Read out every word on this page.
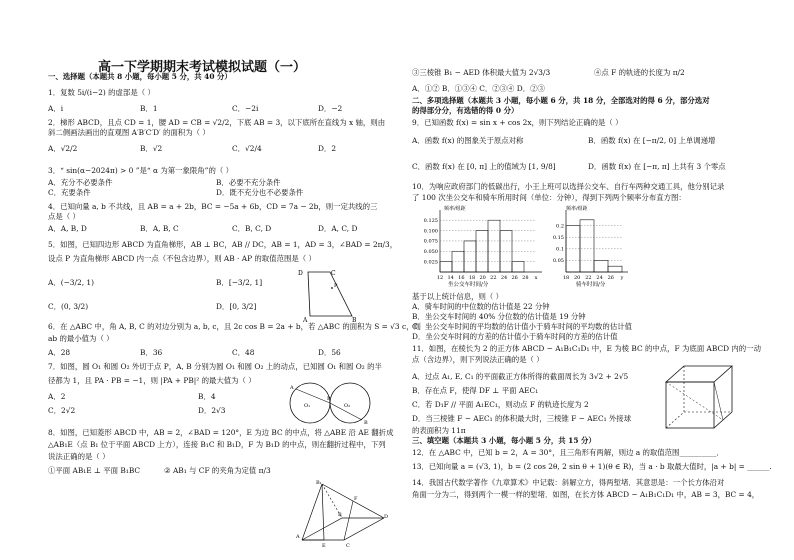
高一下学期期末考试模拟试题（一）
一、选择题（本题共 8 小题，每小题 5 分，共 40 分）
1．复数 5i/(i−2) 的虚部是（ ）
A．i	B．1	C．−2i	D．−2
2．梯形 ABCD，且点 CD = 1，腰 AD = CB = √2/2，下底 AB = 3，以下底所在直线为 x 轴，则由
斜二侧画法画出的直观图 A′B′C′D′ 的面积为（ ）
A．√2/2	B．√2	C．√2/4	D．2
3．“ sin(α−2024π) > 0 ”是“ α 为第一象限角”的（ ）
A．充分不必要条件	B．必要不充分条件
C．充要条件	D．既不充分也不必要条件
4．已知向量 a, b 不共线，且 AB = a + 2b，BC = −5a + 6b，CD = 7a − 2b，则一定共线的三
点是（ ）
A．A, B, D	B．A, B, C	C．B, C, D	D．A, C, D
5．如图，已知四边形 ABCD 为直角梯形，AB ⊥ BC，AB // DC，AB = 1，AD = 3，∠BAD = 2π/3，
设点 P 为直角梯形 ABCD 内一点（不包含边界），则 AB · AP 的取值范围是（ ）
A．(−3/2, 1)	B．[−3/2, 1]
C．(0, 3/2)	D．[0, 3/2]
D	C
P
A	B
6．在 △ABC 中，角 A, B, C 的对边分别为 a, b, c，且 2c cos B = 2a + b，若 △ABC 的面积为 S = √3 c，则
ab 的最小值为（ ）
A．28	B．36	C．48	D．56
7．如图，圆 O₁ 和圆 O₂ 外切于点 P，A, B 分别为圆 O₁ 和圆 O₂ 上的动点，已知圆 O₁ 和圆 O₂ 的半
径都为 1，且 PA · PB = −1，则 |PA + PB|² 的最大值为（ ）
A．2	B．4
C．2√2	D．2√3	O₁
P
O₂
A
B
8．如图，已知菱形 ABCD 中，AB = 2，∠BAD = 120°，E 为边 BC 的中点，将 △ABE 沿 AE 翻折成
△AB₁E（点 B₁ 位于平面 ABCD 上方），连接 B₁C 和 B₁D，F 为 B₁D 的中点，则在翻折过程中，下列
说法正确的是（ ）
①平面 AB₁E ⊥ 平面 B₁BC	② AB₁ 与 CF 的夹角为定值 π/3
B₁
A
D
F
B
C
E
③三棱锥 B₁ − AED 体积最大值为 2√3/3	④点 F 的轨迹的长度为 π/2
A．①② B．①③④ C．②③④ D．②③
二、多项选择题（本题共 3 小题，每小题 6 分，共 18 分，全部选对的得 6 分，部分选对
的得部分分，有选错的得 0 分）
9．已知函数 f(x) = sin x + cos 2x，则下列结论正确的是（ ）
A．函数 f(x) 的图象关于原点对称	B．函数 f(x) 在 [−π/2, 0] 上单调递增
C．函数 f(x) 在 [0, π] 上的值域为 [1, 9/8]	D．函数 f(x) 在 [−π, π] 上共有 3 个零点
10．为响应政府部门的低碳出行，小王上班可以选择公交车、自行车两种交通工具，他分别记录
了 100 次坐公交车和骑车所用时间（单位：分钟），得到下列两个频率分布直方图：
频率/组距
坐公交车时间/分
0.125
0.100
0.075
0.050
0.025
12 14 16 18 20 22 24 26 28 x
频率/组距
骑车时间/分
0.2
0.15
0.1
0.05
18 20 22 24 26 y
基于以上统计信息，则（ ）
A．骑车时间的中位数的估计值是 22 分钟
B．坐公交车时间的 40% 分位数的估计值是 19 分钟
C．坐公交车时间的平均数的估计值小于骑车时间的平均数的估计值
D．坐公交车时间的方差的估计值小于骑车时间的方差的估计值
11．如图，在棱长为 2 的正方体 ABCD − A₁B₁C₁D₁ 中，E 为棱 BC 的中点，F 为底面 ABCD 内的一动
点（含边界），则下列说法正确的是（ ）
A．过点 A₁, E, C₁ 的平面截正方体所得的截面周长为 3√2 + 2√5
B．存在点 F，使得 DF ⊥ 平面 AEC₁
C．若 D₁F // 平面 A₁EC₁，则动点 F 的轨迹长度为 2
D．当三棱锥 F − AEC₁ 的体积最大时，三棱锥 F − AEC₁ 外接球
的表面积为 11π
三、填空题（本题共 3 小题，每小题 5 分，共 15 分）
12．在 △ABC 中，已知 b = 2，A = 30°，且三角形有两解，则边 a 的取值范围__________．
13．已知向量 a = (√3, 1)，b = (2 cos 2θ, 2 sin θ + 1)(θ ∈ R)，当 a · b 取最大值时，|a + b| = ______.
14．我国古代数学著作《九章算术》中记载：斜解立方，得两堑堵．其意思是：一个长方体沿对
角面一分为二，得到两个一模一样的堑堵．如图，在长方体 ABCD − A₁B₁C₁D₁ 中，AB = 3，BC = 4，
